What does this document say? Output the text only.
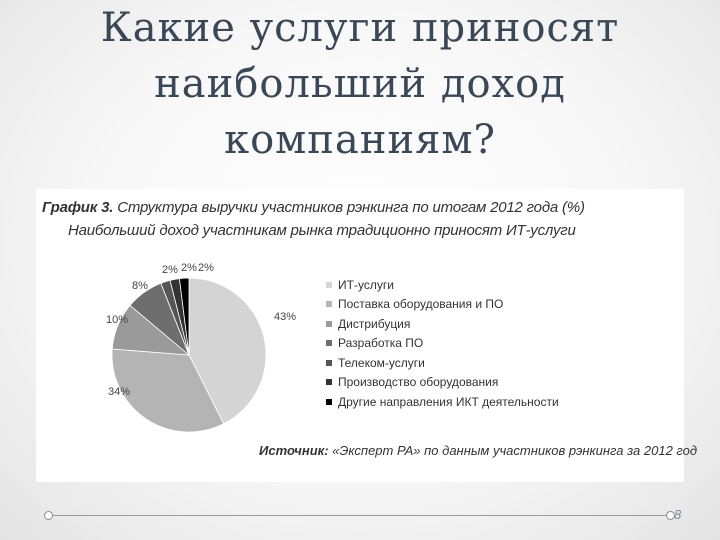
Какие услуги приносят наибольший доход компаниям?
График 3. Структура выручки участников рэнкинга по итогам 2012 года (%)
Наибольший доход участникам рынка традиционно приносят ИТ-услуги
43%
34%
10%
8%
2% 2% 2%
ИТ-услуги
Поставка оборудования и ПО
Дистрибуция
Разработка ПО
Телеком-услуги
Производство оборудования
Другие направления ИКТ деятельности
Источник: «Эксперт РА» по данным участников рэнкинга за 2012 год
8
